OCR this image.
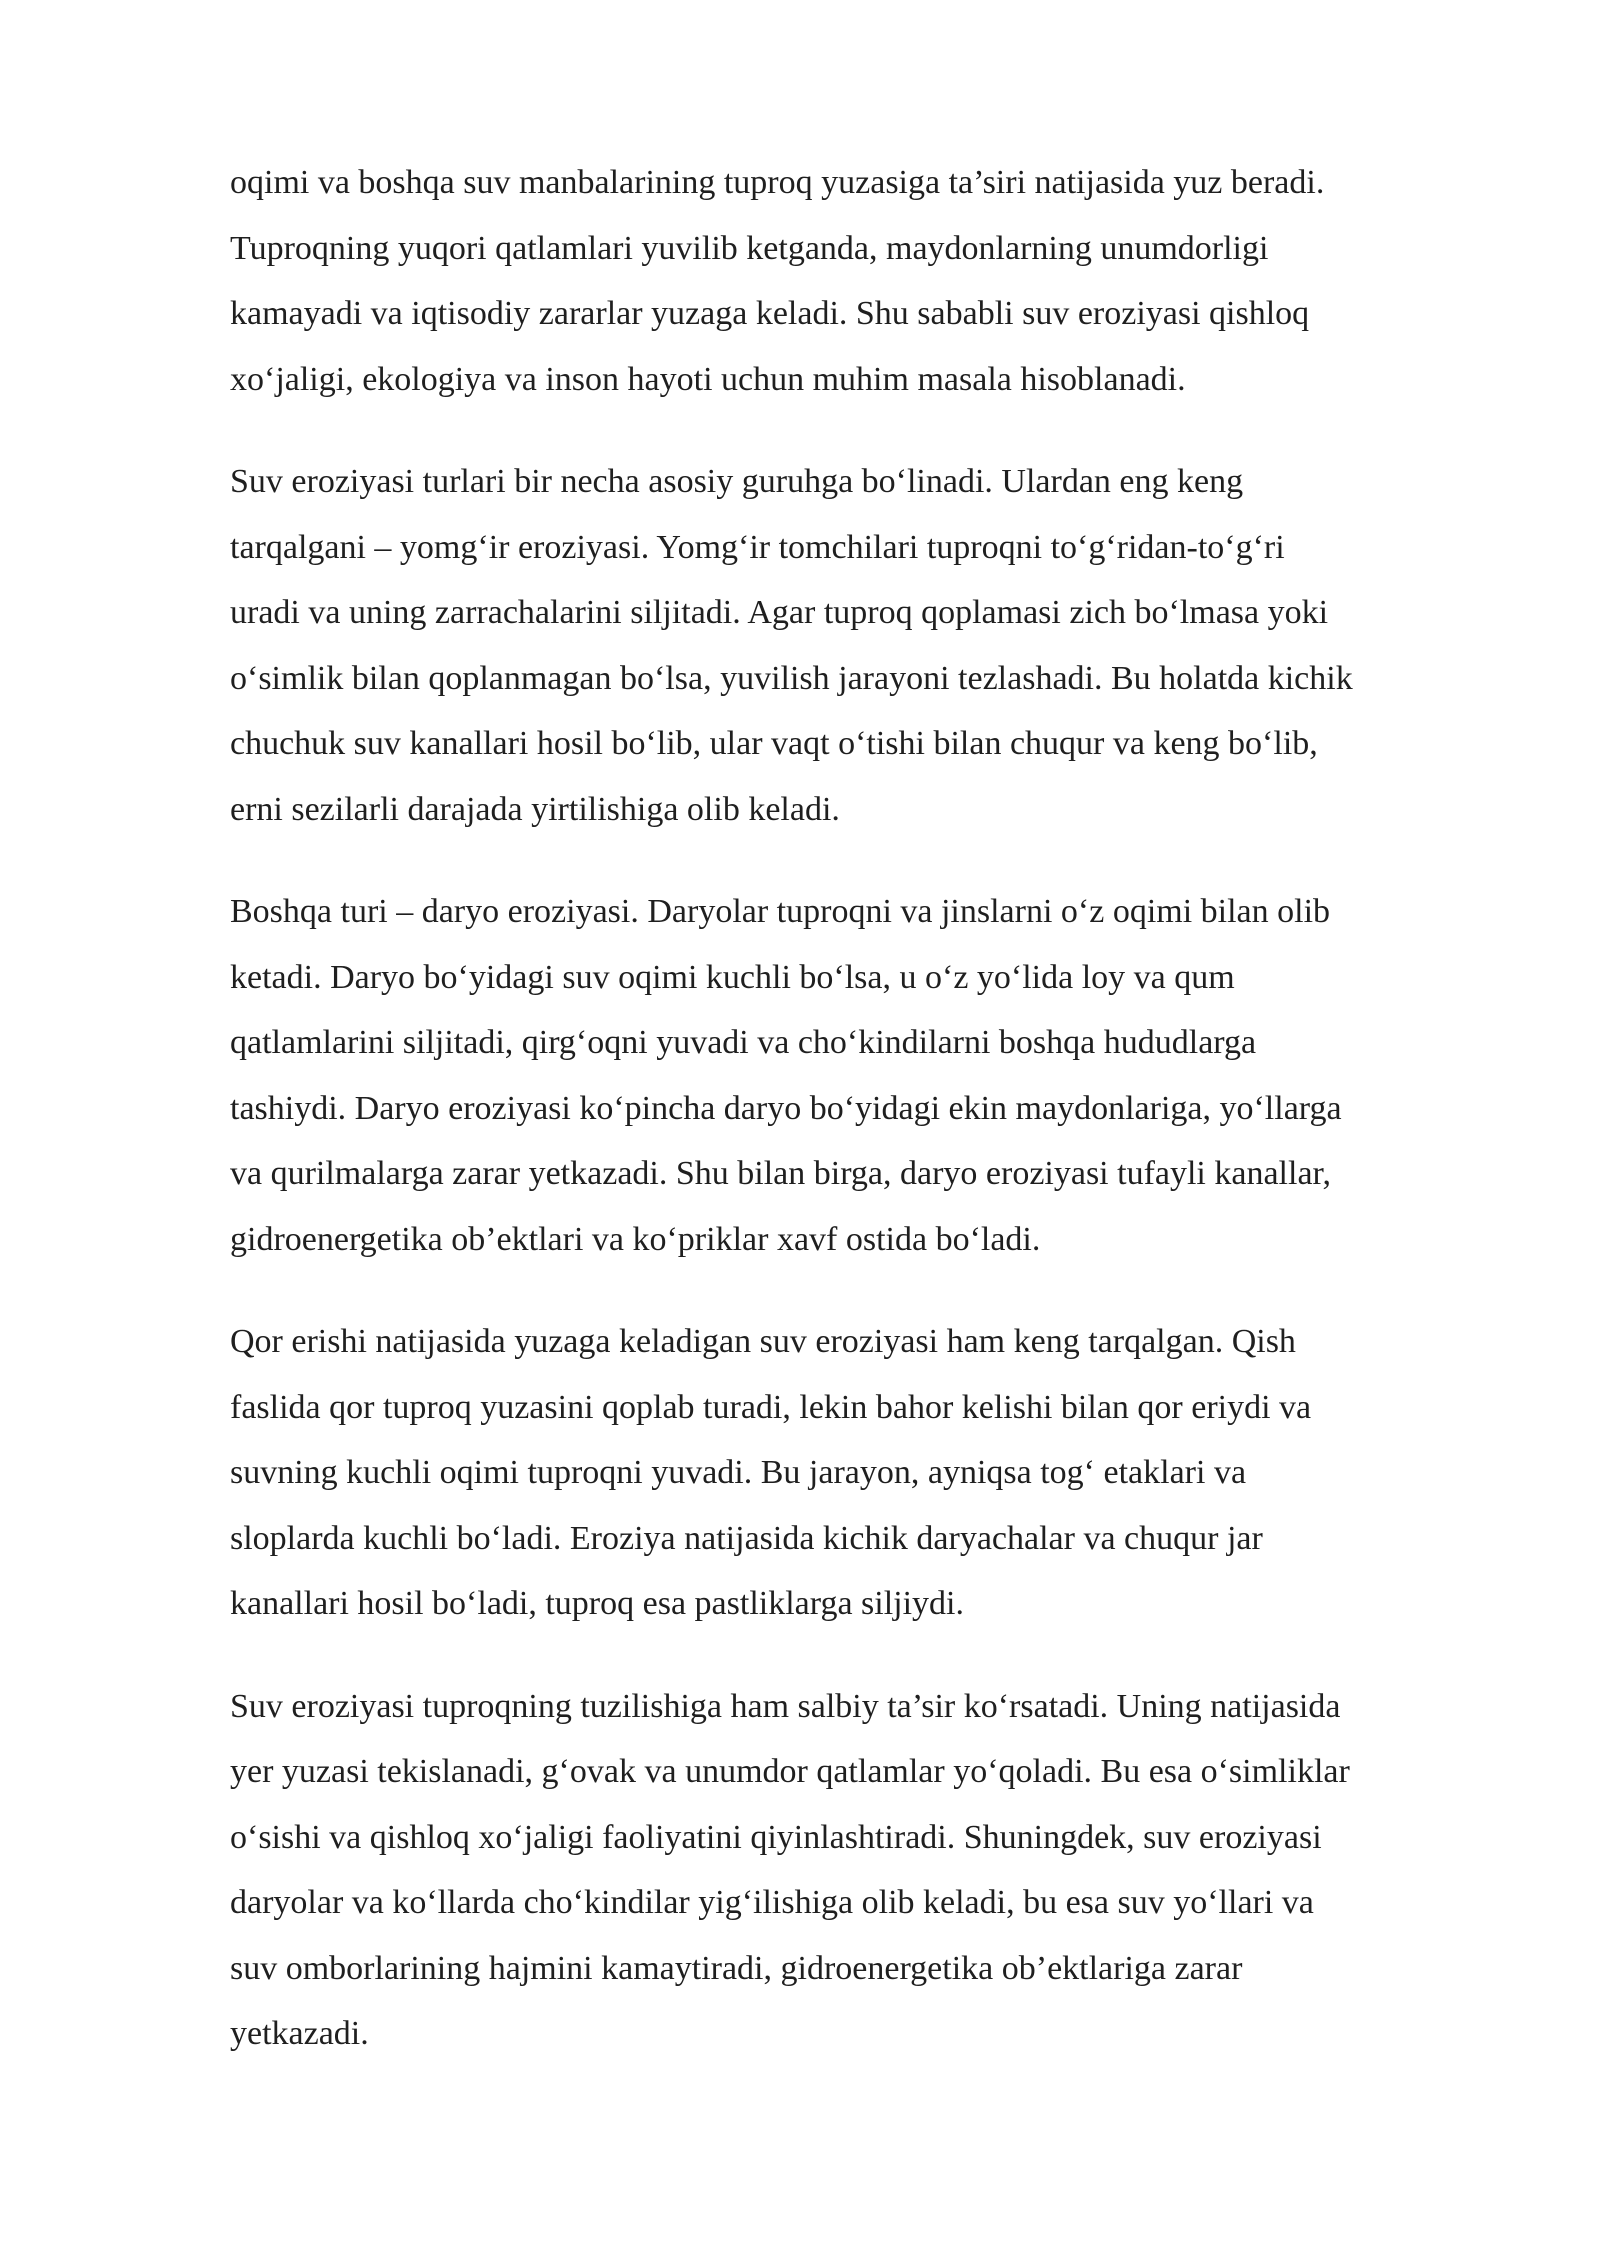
oqimi va boshqa suv manbalarining tuproq yuzasiga ta’siri natijasida yuz beradi.
Tuproqning yuqori qatlamlari yuvilib ketganda, maydonlarning unumdorligi
kamayadi va iqtisodiy zararlar yuzaga keladi. Shu sababli suv eroziyasi qishloq
xo‘jaligi, ekologiya va inson hayoti uchun muhim masala hisoblanadi.

Suv eroziyasi turlari bir necha asosiy guruhga bo‘linadi. Ulardan eng keng
tarqalgani – yomg‘ir eroziyasi. Yomg‘ir tomchilari tuproqni to‘g‘ridan-to‘g‘ri
uradi va uning zarrachalarini siljitadi. Agar tuproq qoplamasi zich bo‘lmasa yoki
o‘simlik bilan qoplanmagan bo‘lsa, yuvilish jarayoni tezlashadi. Bu holatda kichik
chuchuk suv kanallari hosil bo‘lib, ular vaqt o‘tishi bilan chuqur va keng bo‘lib,
erni sezilarli darajada yirtilishiga olib keladi.

Boshqa turi – daryo eroziyasi. Daryolar tuproqni va jinslarni o‘z oqimi bilan olib
ketadi. Daryo bo‘yidagi suv oqimi kuchli bo‘lsa, u o‘z yo‘lida loy va qum
qatlamlarini siljitadi, qirg‘oqni yuvadi va cho‘kindilarni boshqa hududlarga
tashiydi. Daryo eroziyasi ko‘pincha daryo bo‘yidagi ekin maydonlariga, yo‘llarga
va qurilmalarga zarar yetkazadi. Shu bilan birga, daryo eroziyasi tufayli kanallar,
gidroenergetika ob’ektlari va ko‘priklar xavf ostida bo‘ladi.

Qor erishi natijasida yuzaga keladigan suv eroziyasi ham keng tarqalgan. Qish
faslida qor tuproq yuzasini qoplab turadi, lekin bahor kelishi bilan qor eriydi va
suvning kuchli oqimi tuproqni yuvadi. Bu jarayon, ayniqsa tog‘ etaklari va
sloplarda kuchli bo‘ladi. Eroziya natijasida kichik daryachalar va chuqur jar
kanallari hosil bo‘ladi, tuproq esa pastliklarga siljiydi.

Suv eroziyasi tuproqning tuzilishiga ham salbiy ta’sir ko‘rsatadi. Uning natijasida
yer yuzasi tekislanadi, g‘ovak va unumdor qatlamlar yo‘qoladi. Bu esa o‘simliklar
o‘sishi va qishloq xo‘jaligi faoliyatini qiyinlashtiradi. Shuningdek, suv eroziyasi
daryolar va ko‘llarda cho‘kindilar yig‘ilishiga olib keladi, bu esa suv yo‘llari va
suv omborlarining hajmini kamaytiradi, gidroenergetika ob’ektlariga zarar
yetkazadi.
